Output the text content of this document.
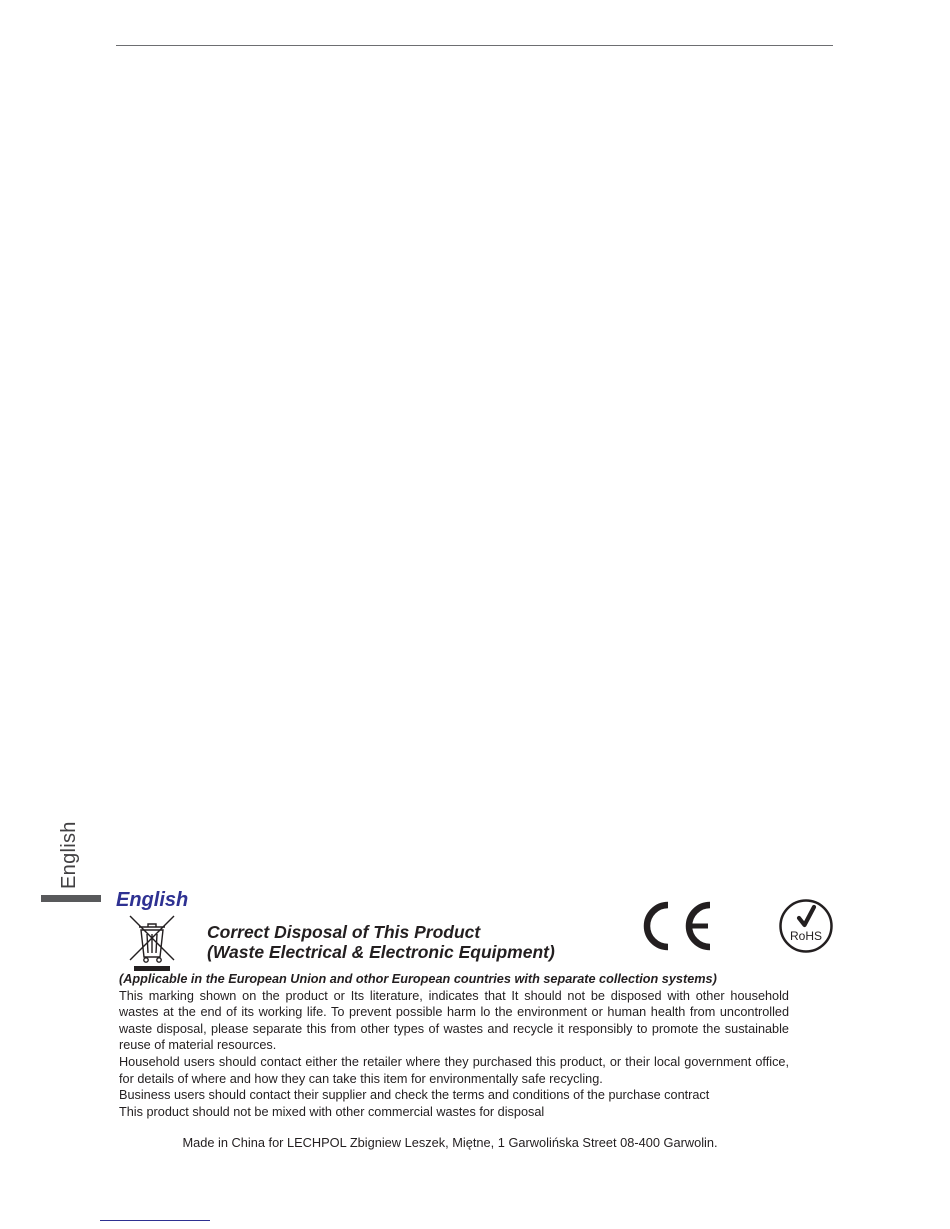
English
English
Correct Disposal of This Product
(Waste Electrical & Electronic Equipment)
RoHS

(Applicable in the European Union and othor European countries with separate collection systems)

This marking shown on the product or Its literature, indicates that It should not be disposed with other household wastes at the end of its working life. To prevent possible harm lo the environment or human health from uncontrolled waste disposal, please separate this from other types of wastes and recycle it responsibly to promote the sustainable reuse of material resources.

Household users should contact either the retailer where they purchased this product, or their local government office, for details of where and how they can take this item for environmentally safe recycling.

Business users should contact their supplier and check the terms and conditions of the purchase contract

This product should not be mixed with other commercial wastes for disposal

Made in China for LECHPOL Zbigniew Leszek, Miętne, 1 Garwolińska Street 08-400 Garwolin.
